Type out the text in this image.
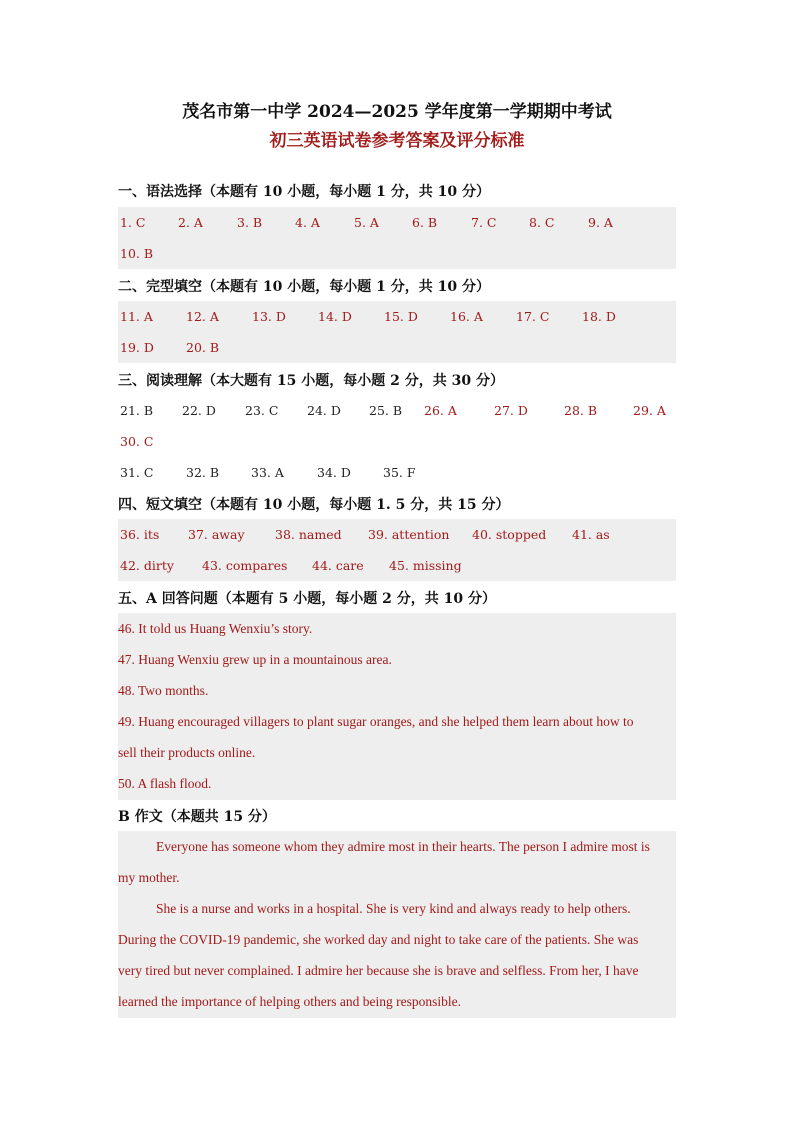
茂名市第一中学 2024—2025 学年度第一学期期中考试
初三英语试卷参考答案及评分标准
一、语法选择（本题有 10 小题，每小题 1 分，共 10 分）
1. C	2. A	3. B	4. A	5. A	6. B	7. C	8. C	9. A
10. B
二、完型填空（本题有 10 小题，每小题 1 分，共 10 分）
11. A	12. A	13. D	14. D	15. D	16. A	17. C	18. D
19. D	20. B
三、阅读理解（本大题有 15 小题，每小题 2 分，共 30 分）
21. B 22. D 23. C 24. D 25. B 26. A	27. D	28. B	29. A
30. C
31. C	32. B	33. A	34. D	35. F
四、短文填空（本题有 10 小题，每小题 1. 5 分，共 15 分）
36. its 37. away 38. named 39. attention 40. stopped 41. as
42. dirty 43. compares 44. care 45. missing
五、A 回答问题（本题有 5 小题，每小题 2 分，共 10 分）
46. It told us Huang Wenxiu’s story.
47. Huang Wenxiu grew up in a mountainous area.
48. Two months.
49. Huang encouraged villagers to plant sugar oranges, and she helped them learn about how to
sell their products online.
50. A flash flood.
B 作文（本题共 15 分）
Everyone has someone whom they admire most in their hearts. The person I admire most is
my mother.
She is a nurse and works in a hospital. She is very kind and always ready to help others.
During the COVID-19 pandemic, she worked day and night to take care of the patients. She was
very tired but never complained. I admire her because she is brave and selfless. From her, I have
learned the importance of helping others and being responsible.
